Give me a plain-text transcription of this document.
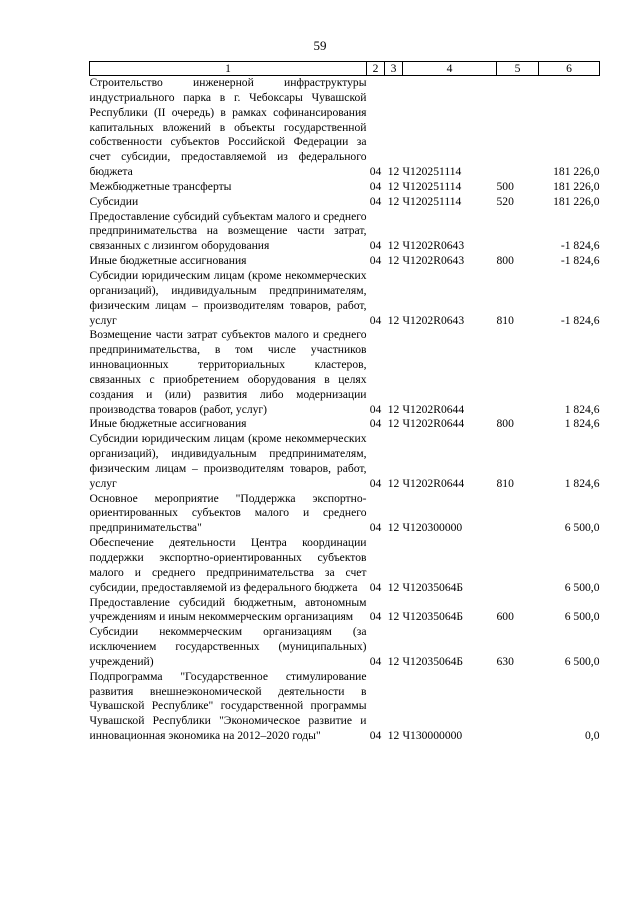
59
1	2	3	4	5	6
Строительство инженерной инфраструктуры индустриального парка в г. Чебоксары Чувашской Республики (II очередь) в рамках софинансирования капитальных вложений в объекты государственной собственности субъектов Российской Федерации за счет субсидии, предоставляемой из федерального бюджета	04	12	Ч120251114		181 226,0
Межбюджетные трансферты	04	12	Ч120251114	500	181 226,0
Субсидии	04	12	Ч120251114	520	181 226,0
Предоставление субсидий субъектам малого и среднего предпринимательства на возмещение части затрат, связанных с лизингом оборудования	04	12	Ч1202R0643		-1 824,6
Иные бюджетные ассигнования	04	12	Ч1202R0643	800	-1 824,6
Субсидии юридическим лицам (кроме некоммерческих организаций), индивидуальным предпринимателям, физическим лицам – производителям товаров, работ, услуг	04	12	Ч1202R0643	810	-1 824,6
Возмещение части затрат субъектов малого и среднего предпринимательства, в том числе участников инновационных территориальных кластеров, связанных с приобретением оборудования в целях создания и (или) развития либо модернизации производства товаров (работ, услуг)	04	12	Ч1202R0644		1 824,6
Иные бюджетные ассигнования	04	12	Ч1202R0644	800	1 824,6
Субсидии юридическим лицам (кроме некоммерческих организаций), индивидуальным предпринимателям, физическим лицам – производителям товаров, работ, услуг	04	12	Ч1202R0644	810	1 824,6
Основное мероприятие "Поддержка экспортно-ориентированных субъектов малого и среднего предпринимательства"	04	12	Ч120300000		6 500,0
Обеспечение деятельности Центра координации поддержки экспортно-ориентированных субъектов малого и среднего предпринимательства за счет субсидии, предоставляемой из федерального бюджета	04	12	Ч12035064Б		6 500,0
Предоставление субсидий бюджетным, автономным учреждениям и иным некоммерческим организациям	04	12	Ч12035064Б	600	6 500,0
Субсидии некоммерческим организациям (за исключением государственных (муниципальных) учреждений)	04	12	Ч12035064Б	630	6 500,0
Подпрограмма "Государственное стимулирование развития внешнеэкономической деятельности в Чувашской Республике" государственной программы Чувашской Республики "Экономическое развитие и инновационная экономика на 2012–2020 годы"	04	12	Ч130000000		0,0
